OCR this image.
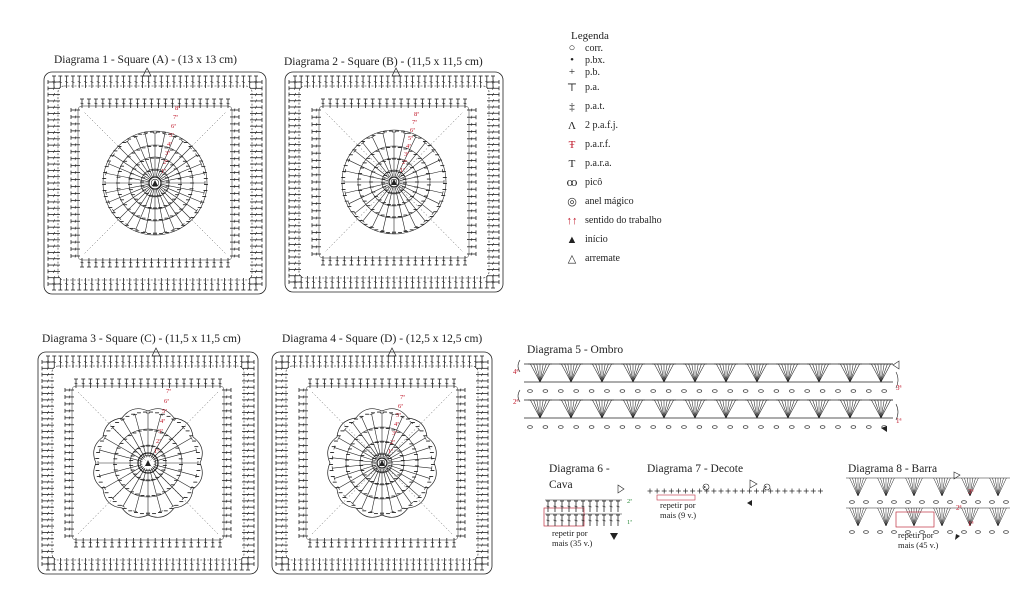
Diagrama 1 - Square (A) - (13 x 13 cm)	Diagrama 2 - Square (B) - (11,5 x 11,5 cm)
Diagrama 3 - Square (C) - (11,5 x 11,5 cm)	Diagrama 4 - Square (D) - (12,5 x 12,5 cm)
Diagrama 5 - Ombro
Diagrama 6 -
Cava
Diagrama 7 - Decote	Diagrama 8 - Barra
repetir por
mais (35 v.)
repetir por
mais (9 v.)
repetir por
mais (45 v.)
Legenda
○ corr.
•	p.bx.
+ p.b.
⊤ p.a.
‡	p.a.t.
Λ 2 p.a.f.j.
Ŧ p.a.r.f.
Ƭ p.a.r.a.
ꝏ picô
◎ anel mágico
↑↑ sentido do trabalho
▲ início
△ arremate
1ª
2ª
3ª
4ª
5ª
6ª
7ª
8ª
1ª
2ª
3ª
4ª
5ª
6ª
7ª
8ª
1ª
2ª
3ª
4ª
5ª
6ª
7ª
1ª
2ª
3ª
4ª
5ª
6ª
7ª
4ª
3ª
2ª
1ª
2ª
1ª
3ª
2ª
1ª
